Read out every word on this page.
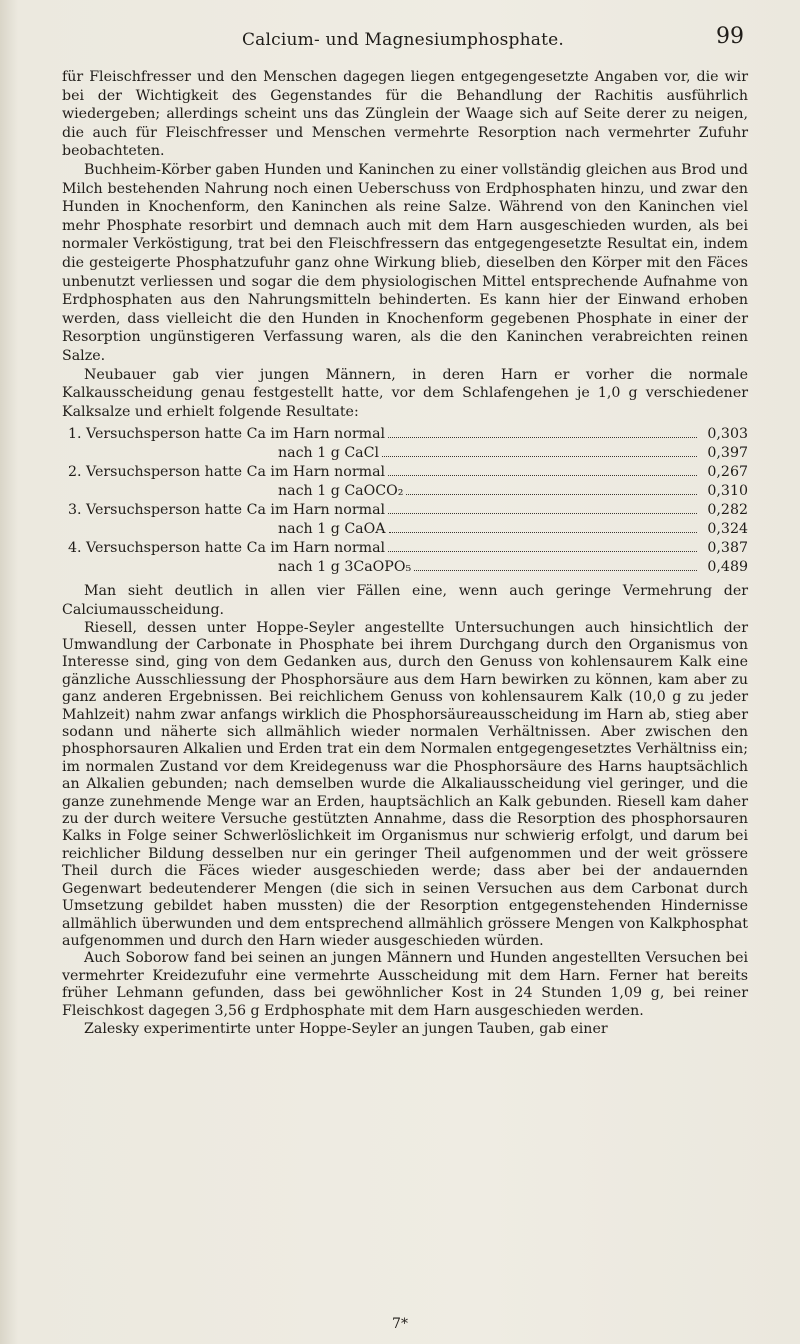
Calcium- und Magnesiumphosphate.	99

für Fleischfresser und den Menschen dagegen liegen entgegengesetzte Angaben vor, die wir bei der Wichtigkeit des Gegenstandes für die Behandlung der Rachitis ausführlich wiedergeben; allerdings scheint uns das Zünglein der Waage sich auf Seite derer zu neigen, die auch für Fleischfresser und Menschen vermehrte Resorption nach vermehrter Zufuhr beobachteten.

Buchheim-Körber gaben Hunden und Kaninchen zu einer vollständig gleichen aus Brod und Milch bestehenden Nahrung noch einen Ueberschuss von Erdphosphaten hinzu, und zwar den Hunden in Knochenform, den Kaninchen als reine Salze. Während von den Kaninchen viel mehr Phosphate resorbirt und demnach auch mit dem Harn ausgeschieden wurden, als bei normaler Verköstigung, trat bei den Fleischfressern das entgegengesetzte Resultat ein, indem die gesteigerte Phosphatzufuhr ganz ohne Wirkung blieb, dieselben den Körper mit den Fäces unbenutzt verliessen und sogar die dem physiologischen Mittel entsprechende Aufnahme von Erdphosphaten aus den Nahrungsmitteln behinderten. Es kann hier der Einwand erhoben werden, dass vielleicht die den Hunden in Knochenform gegebenen Phosphate in einer der Resorption ungünstigeren Verfassung waren, als die den Kaninchen verabreichten reinen Salze.

Neubauer gab vier jungen Männern, in deren Harn er vorher die normale Kalkausscheidung genau festgestellt hatte, vor dem Schlafengehen je 1,0 g verschiedener Kalksalze und erhielt folgende Resultate:

1. Versuchsperson hatte Ca im Harn normal	0,303
nach 1 g CaCl	0,397
2. Versuchsperson hatte Ca im Harn normal	0,267
nach 1 g CaOCO₂	0,310
3. Versuchsperson hatte Ca im Harn normal	0,282
nach 1 g CaOA	0,324
4. Versuchsperson hatte Ca im Harn normal	0,387
nach 1 g 3CaOPO₅	0,489

Man sieht deutlich in allen vier Fällen eine, wenn auch geringe Vermehrung der Calciumausscheidung.

Riesell, dessen unter Hoppe-Seyler angestellte Untersuchungen auch hinsichtlich der Umwandlung der Carbonate in Phosphate bei ihrem Durchgang durch den Organismus von Interesse sind, ging von dem Gedanken aus, durch den Genuss von kohlensaurem Kalk eine gänzliche Ausschliessung der Phosphorsäure aus dem Harn bewirken zu können, kam aber zu ganz anderen Ergebnissen. Bei reichlichem Genuss von kohlensaurem Kalk (10,0 g zu jeder Mahlzeit) nahm zwar anfangs wirklich die Phosphorsäureausscheidung im Harn ab, stieg aber sodann und näherte sich allmählich wieder normalen Verhältnissen. Aber zwischen den phosphorsauren Alkalien und Erden trat ein dem Normalen entgegengesetztes Verhältniss ein; im normalen Zustand vor dem Kreidegenuss war die Phosphorsäure des Harns hauptsächlich an Alkalien gebunden; nach demselben wurde die Alkaliausscheidung viel geringer, und die ganze zunehmende Menge war an Erden, hauptsächlich an Kalk gebunden. Riesell kam daher zu der durch weitere Versuche gestützten Annahme, dass die Resorption des phosphorsauren Kalks in Folge seiner Schwerlöslichkeit im Organismus nur schwierig erfolgt, und darum bei reichlicher Bildung desselben nur ein geringer Theil aufgenommen und der weit grössere Theil durch die Fäces wieder ausgeschieden werde; dass aber bei der andauernden Gegenwart bedeutenderer Mengen (die sich in seinen Versuchen aus dem Carbonat durch Umsetzung gebildet haben mussten) die der Resorption entgegenstehenden Hindernisse allmählich überwunden und dem entsprechend allmählich grössere Mengen von Kalkphosphat aufgenommen und durch den Harn wieder ausgeschieden würden.

Auch Soborow fand bei seinen an jungen Männern und Hunden angestellten Versuchen bei vermehrter Kreidezufuhr eine vermehrte Ausscheidung mit dem Harn. Ferner hat bereits früher Lehmann gefunden, dass bei gewöhnlicher Kost in 24 Stunden 1,09 g, bei reiner Fleischkost dagegen 3,56 g Erdphosphate mit dem Harn ausgeschieden werden.

Zalesky experimentirte unter Hoppe-Seyler an jungen Tauben, gab einer

7*
